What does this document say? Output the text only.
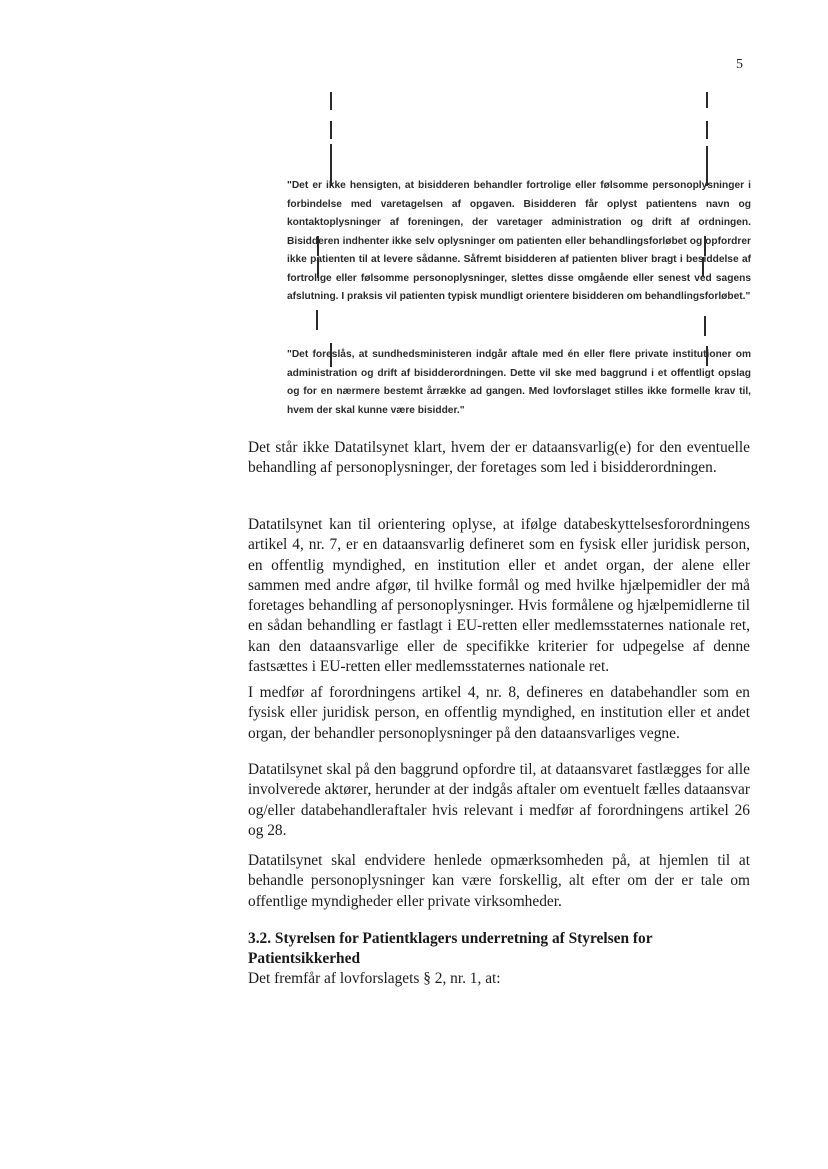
5

"Det er ikke hensigten, at bisidderen behandler fortrolige eller følsomme personoplysninger i forbindelse med varetagelsen af opgaven. Bisidderen får oplyst patientens navn og kontaktoplysninger af foreningen, der varetager administration og drift af ordningen. Bisidderen indhenter ikke selv oplysninger om patienten eller behandlingsforløbet og opfordrer ikke patienten til at levere sådanne. Såfremt bisidderen af patienten bliver bragt i besiddelse af fortrolige eller følsomme personoplysninger, slettes disse omgående eller senest ved sagens afslutning. I praksis vil patienten typisk mundligt orientere bisidderen om behandlingsforløbet."

"Det foreslås, at sundhedsministeren indgår aftale med én eller flere private institutioner om administration og drift af bisidderordningen. Dette vil ske med baggrund i et offentligt opslag og for en nærmere bestemt årrække ad gangen. Med lovforslaget stilles ikke formelle krav til, hvem der skal kunne være bisidder."

Det står ikke Datatilsynet klart, hvem der er dataansvarlig(e) for den eventuelle behandling af personoplysninger, der foretages som led i bisidderordningen.

Datatilsynet kan til orientering oplyse, at ifølge databeskyttelsesforordningens artikel 4, nr. 7, er en dataansvarlig defineret som en fysisk eller juridisk person, en offentlig myndighed, en institution eller et andet organ, der alene eller sammen med andre afgør, til hvilke formål og med hvilke hjælpemidler der må foretages behandling af personoplysninger. Hvis formålene og hjælpemidlerne til en sådan behandling er fastlagt i EU-retten eller medlemsstaternes nationale ret, kan den dataansvarlige eller de specifikke kriterier for udpegelse af denne fastsættes i EU-retten eller medlemsstaternes nationale ret.

I medfør af forordningens artikel 4, nr. 8, defineres en databehandler som en fysisk eller juridisk person, en offentlig myndighed, en institution eller et andet organ, der behandler personoplysninger på den dataansvarliges vegne.

Datatilsynet skal på den baggrund opfordre til, at dataansvaret fastlægges for alle involverede aktører, herunder at der indgås aftaler om eventuelt fælles dataansvar og/eller databehandleraftaler hvis relevant i medfør af forordningens artikel 26 og 28.

Datatilsynet skal endvidere henlede opmærksomheden på, at hjemlen til at behandle personoplysninger kan være forskellig, alt efter om der er tale om offentlige myndigheder eller private virksomheder.

3.2. Styrelsen for Patientklagers underretning af Styrelsen for Patientsikkerhed

Det fremfår af lovforslagets § 2, nr. 1, at:
